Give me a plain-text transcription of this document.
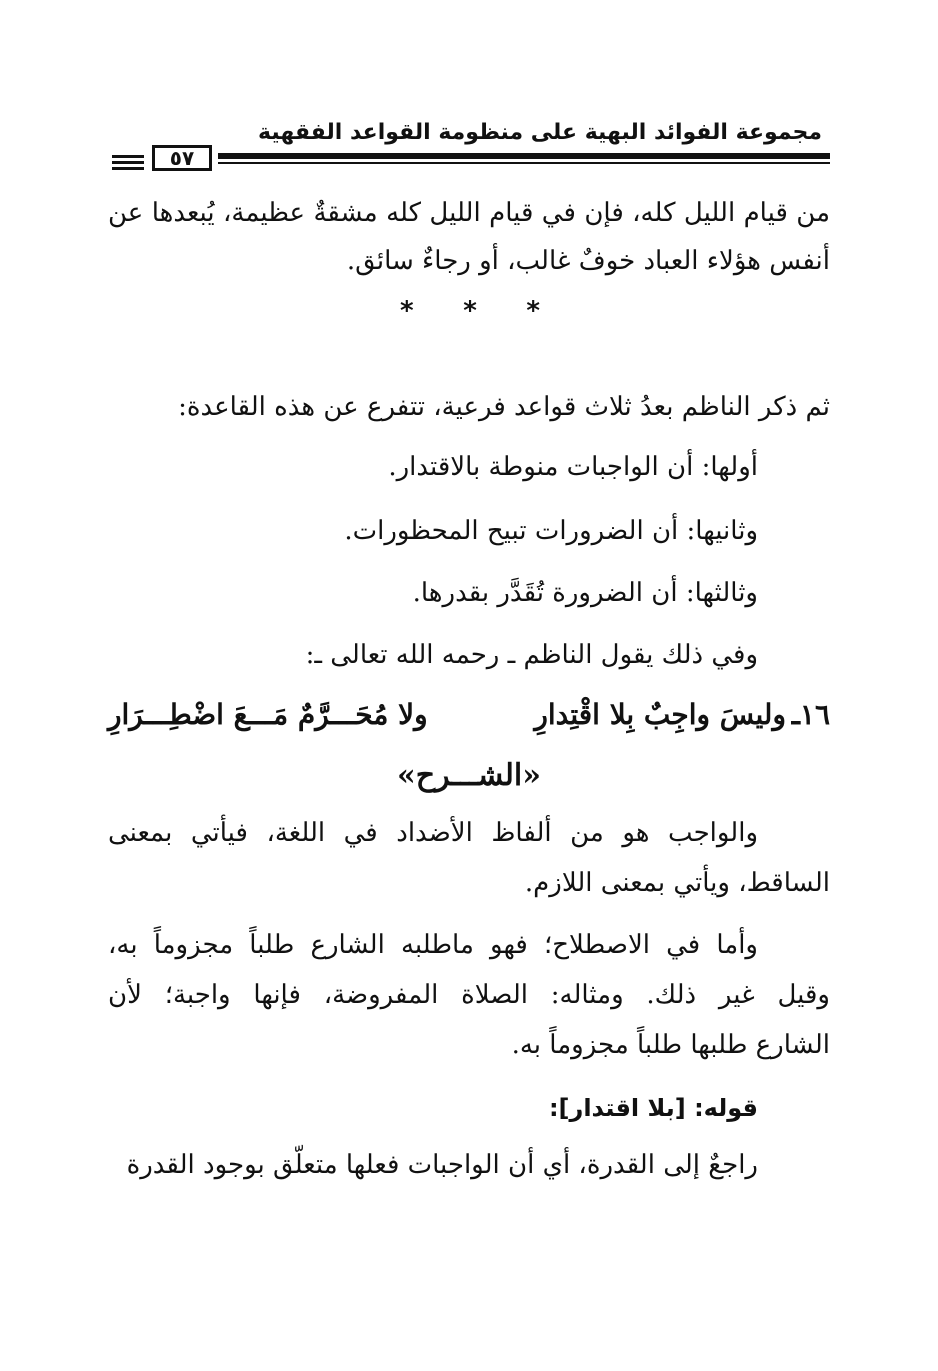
مجموعة الفوائد البهية على منظومة القواعد الفقهية
٥٧
من قيام الليل كله، فإن في قيام الليل كله مشقةٌ عظيمة، يُبعدها عن
أنفس هؤلاء العباد خوفٌ غالب، أو رجاءٌ سائق.
* * *
ثم ذكر الناظم بعدُ ثلاث قواعد فرعية، تتفرع عن هذه القاعدة:
أولها: أن الواجبات منوطة بالاقتدار.
وثانيها: أن الضرورات تبيح المحظورات.
وثالثها: أن الضرورة تُقَدَّر بقدرها.
وفي ذلك يقول الناظم ـ رحمه الله تعالى ـ:
١٦ـ
وليسَ واجِبٌ بِلا اقْتِدارِ
ولا مُحَـــرَّمٌ مَـــعَ اضْطِـــرَارِ
«الشـــرح»
والواجب هو من ألفاظ الأضداد في اللغة، فيأتي بمعنى
الساقط، ويأتي بمعنى اللازم.
وأما في الاصطلاح؛ فهو ماطلبه الشارع طلباً مجزوماً به،
وقيل غير ذلك. ومثاله: الصلاة المفروضة، فإنها واجبة؛ لأن
الشارع طلبها طلباً مجزوماً به.
قوله: [بلا اقتدار]:
راجعٌ إلى القدرة، أي أن الواجبات فعلها متعلّق بوجود القدرة
